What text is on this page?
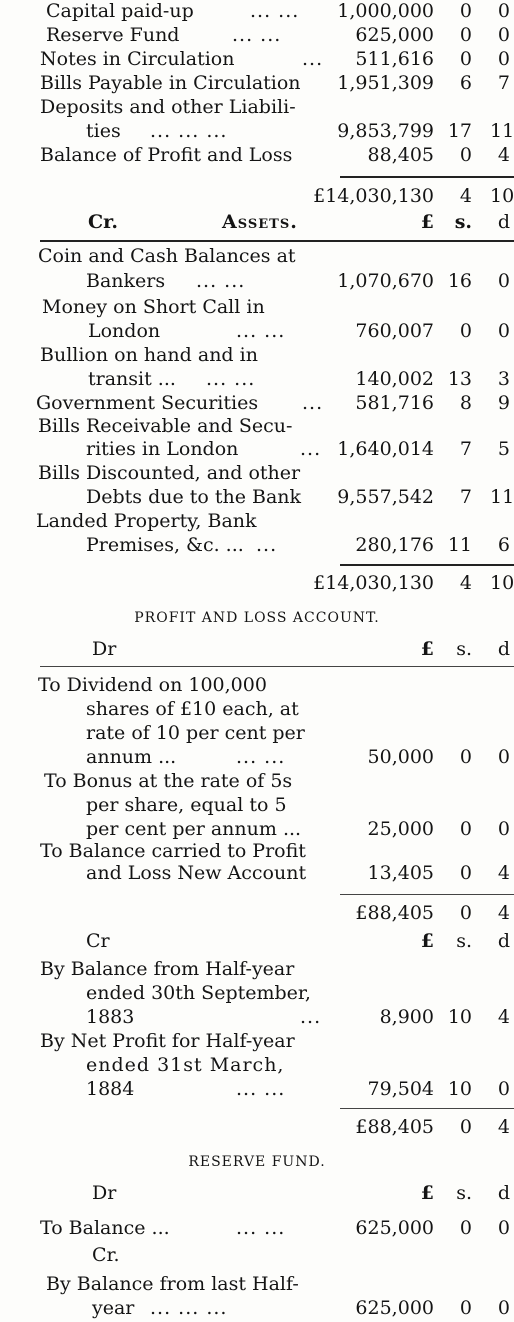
Capital paid-up	... ... 1,000,000	0	0
Reserve Fund	... ...	625,000	0	0
Notes in Circulation	... 511,616	0	0
Bills Payable in Circulation 1,951,309	6	7
Deposits and other Liabili-
ties ... ... ...	9,853,799 17 11
Balance of Profit and Loss	88,405	0	4
£14,030,130	4 10
Cr.	Assets.	£	s.	d
Coin and Cash Balances at
Bankers ... ...	1,070,670 16	0
Money on Short Call in
London	... ...	760,007	0	0
Bullion on hand and in
transit ... ... ...	140,002 13	3
Government Securities ... 581,716	8	9
Bills Receivable and Secu-
rities in London	... 1,640,014	7	5
Bills Discounted, and other
Debts due to the Bank 9,557,542	7 11
Landed Property, Bank
Premises, &c. ... ...	280,176 11	6
£14,030,130	4 10
PROFIT AND LOSS ACCOUNT.
Dr	£	s.	d
To Dividend on 100,000
shares of £10 each, at
rate of 10 per cent per
annum ...	... ...	50,000	0	0
To Bonus at the rate of 5s
per share, equal to 5
per cent per annum ...	25,000	0	0
To Balance carried to Profit
and Loss New Account	13,405	0	4
£88,405	0	4
Cr	£	s.	d
By Balance from Half-year
ended 30th September,
1883	...	8,900 10	4
By Net Profit for Half-year
ended 31st March,
1884	... ...	79,504 10	0
£88,405	0	4
RESERVE FUND.
Dr	£	s.	d
To Balance ...	... ...	625,000	0	0
Cr.
By Balance from last Half-
year ... ... ...	625,000	0	0
